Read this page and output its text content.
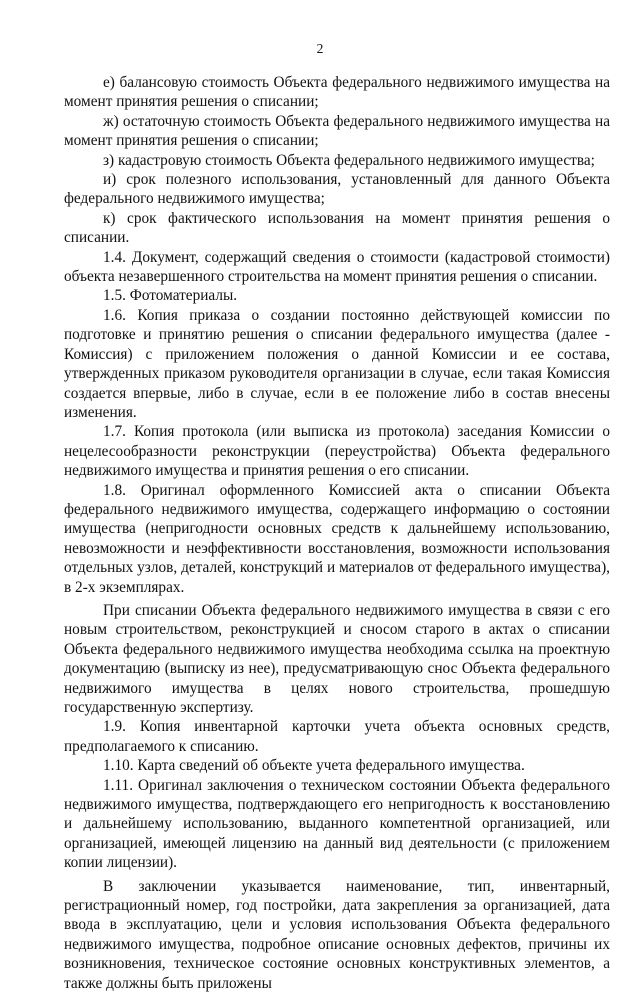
2

е) балансовую стоимость Объекта федерального недвижимого имущества на момент принятия решения о списании;

ж) остаточную стоимость Объекта федерального недвижимого имущества на момент принятия решения о списании;

з) кадастровую стоимость Объекта федерального недвижимого имущества;

и) срок полезного использования, установленный для данного Объекта федерального недвижимого имущества;

к) срок фактического использования на момент принятия решения о списании.

1.4. Документ, содержащий сведения о стоимости (кадастровой стоимости) объекта незавершенного строительства на момент принятия решения о списании.

1.5. Фотоматериалы.

1.6. Копия приказа о создании постоянно действующей комиссии по подготовке и принятию решения о списании федерального имущества (далее - Комиссия) с приложением положения о данной Комиссии и ее состава, утвержденных приказом руководителя организации в случае, если такая Комиссия создается впервые, либо в случае, если в ее положение либо в состав внесены изменения.

1.7. Копия протокола (или выписка из протокола) заседания Комиссии о нецелесообразности реконструкции (переустройства) Объекта федерального недвижимого имущества и принятия решения о его списании.

1.8. Оригинал оформленного Комиссией акта о списании Объекта федерального недвижимого имущества, содержащего информацию о состоянии имущества (непригодности основных средств к дальнейшему использованию, невозможности и неэффективности восстановления, возможности использования отдельных узлов, деталей, конструкций и материалов от федерального имущества), в 2-х экземплярах.

При списании Объекта федерального недвижимого имущества в связи с его новым строительством, реконструкцией и сносом старого в актах о списании Объекта федерального недвижимого имущества необходима ссылка на проектную документацию (выписку из нее), предусматривающую снос Объекта федерального недвижимого имущества в целях нового строительства, прошедшую государственную экспертизу.

1.9. Копия инвентарной карточки учета объекта основных средств, предполагаемого к списанию.

1.10. Карта сведений об объекте учета федерального имущества.

1.11. Оригинал заключения о техническом состоянии Объекта федерального недвижимого имущества, подтверждающего его непригодность к восстановлению и дальнейшему использованию, выданного компетентной организацией, или организацией, имеющей лицензию на данный вид деятельности (с приложением копии лицензии).

В заключении указывается наименование, тип, инвентарный, регистрационный номер, год постройки, дата закрепления за организацией, дата ввода в эксплуатацию, цели и условия использования Объекта федерального недвижимого имущества, подробное описание основных дефектов, причины их возникновения, техническое состояние основных конструктивных элементов, а также должны быть приложены
